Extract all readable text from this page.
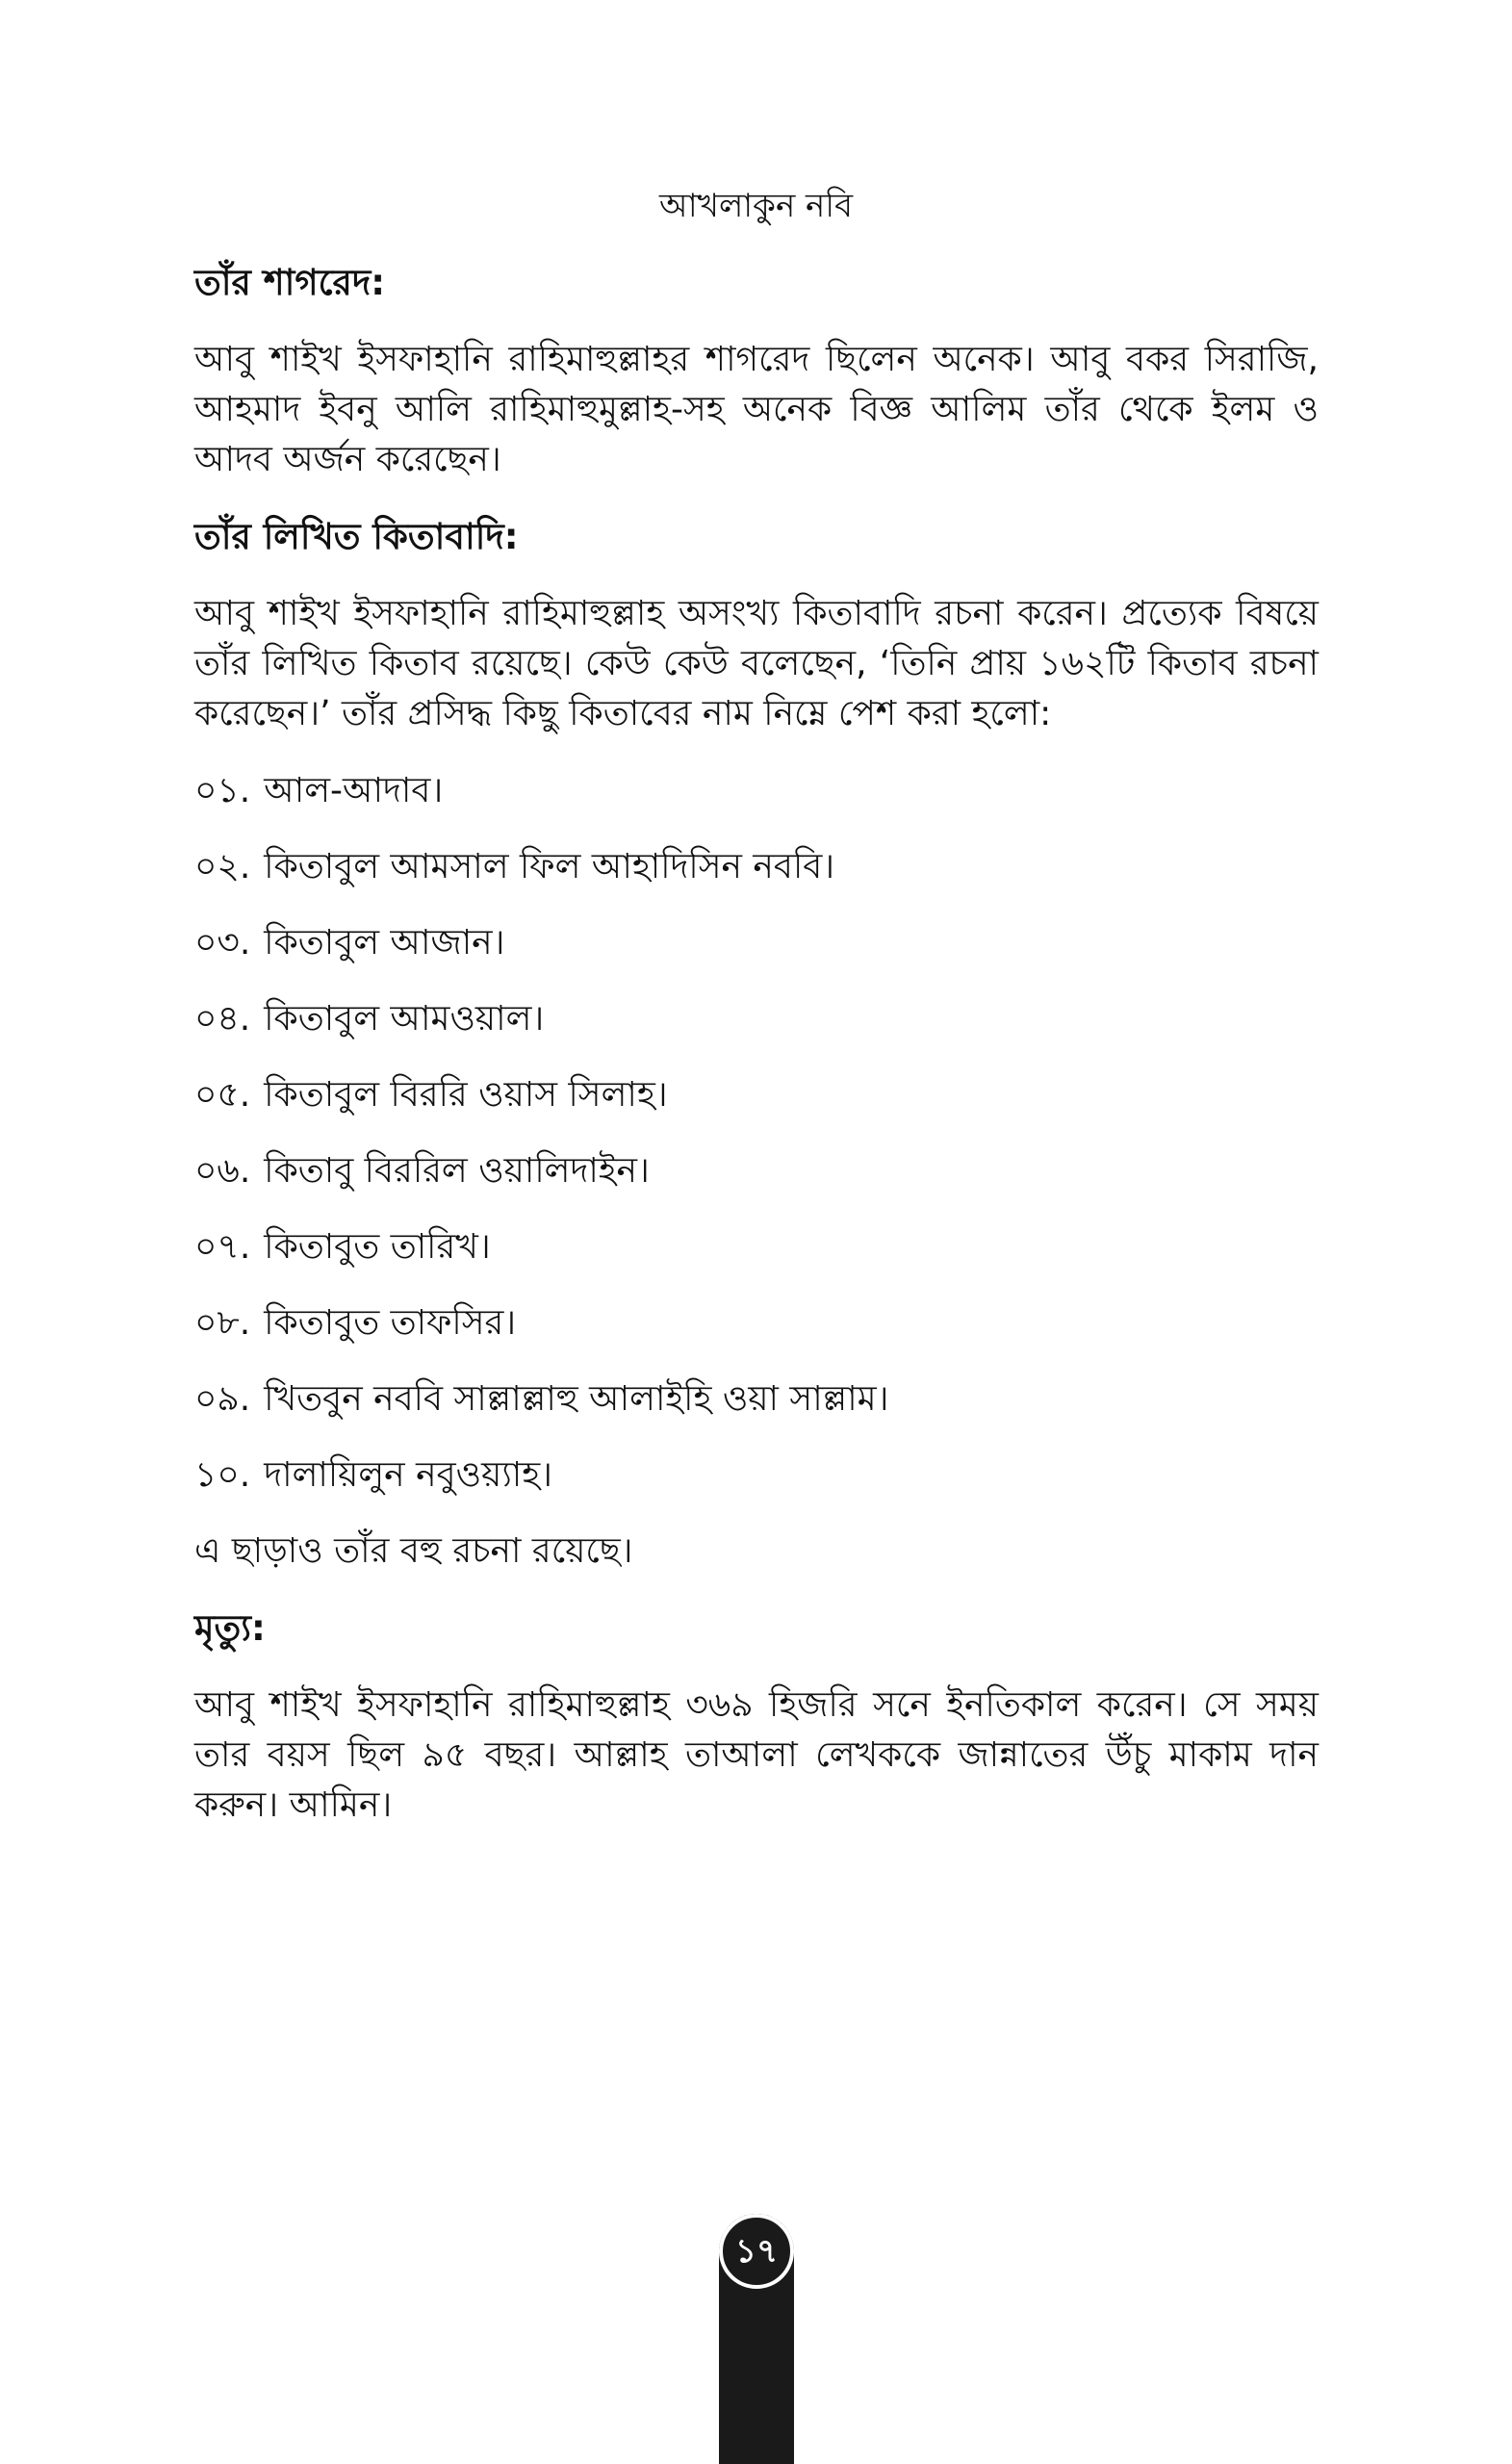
আখলাকুন নবি
তাঁর শাগরেদ:

আবু শাইখ ইসফাহানি রাহিমাহুল্লাহর শাগরেদ ছিলেন অনেক। আবু বকর সিরাজি, আহমাদ ইবনু আলি রাহিমাহুমুল্লাহ-সহ অনেক বিজ্ঞ আলিম তাঁর থেকে ইলম ও আদব অর্জন করেছেন।

তাঁর লিখিত কিতাবাদি:

আবু শাইখ ইসফাহানি রাহিমাহুল্লাহ অসংখ্য কিতাবাদি রচনা করেন। প্রত্যেক বিষয়ে তাঁর লিখিত কিতাব রয়েছে। কেউ কেউ বলেছেন, ‘তিনি প্রায় ১৬২টি কিতাব রচনা করেছেন।’ তাঁর প্রসিদ্ধ কিছু কিতাবের নাম নিম্নে পেশ করা হলো:

০১. আল-আদাব।
০২. কিতাবুল আমসাল ফিল আহাদিসিন নববি।
০৩. কিতাবুল আজান।
০৪. কিতাবুল আমওয়াল।
০৫. কিতাবুল বিররি ওয়াস সিলাহ।
০৬. কিতাবু বিররিল ওয়ালিদাইন।
০৭. কিতাবুত তারিখ।
০৮. কিতাবুত তাফসির।
০৯. খিতবুন নববি সাল্লাল্লাহু আলাইহি ওয়া সাল্লাম।
১০. দালায়িলুন নবুওয়্যাহ।

এ ছাড়াও তাঁর বহু রচনা রয়েছে।

মৃত্যু:

আবু শাইখ ইসফাহানি রাহিমাহুল্লাহ ৩৬৯ হিজরি সনে ইনতিকাল করেন। সে সময় তার বয়স ছিল ৯৫ বছর। আল্লাহ তাআলা লেখককে জান্নাতের উঁচু মাকাম দান করুন। আমিন।

১৭
